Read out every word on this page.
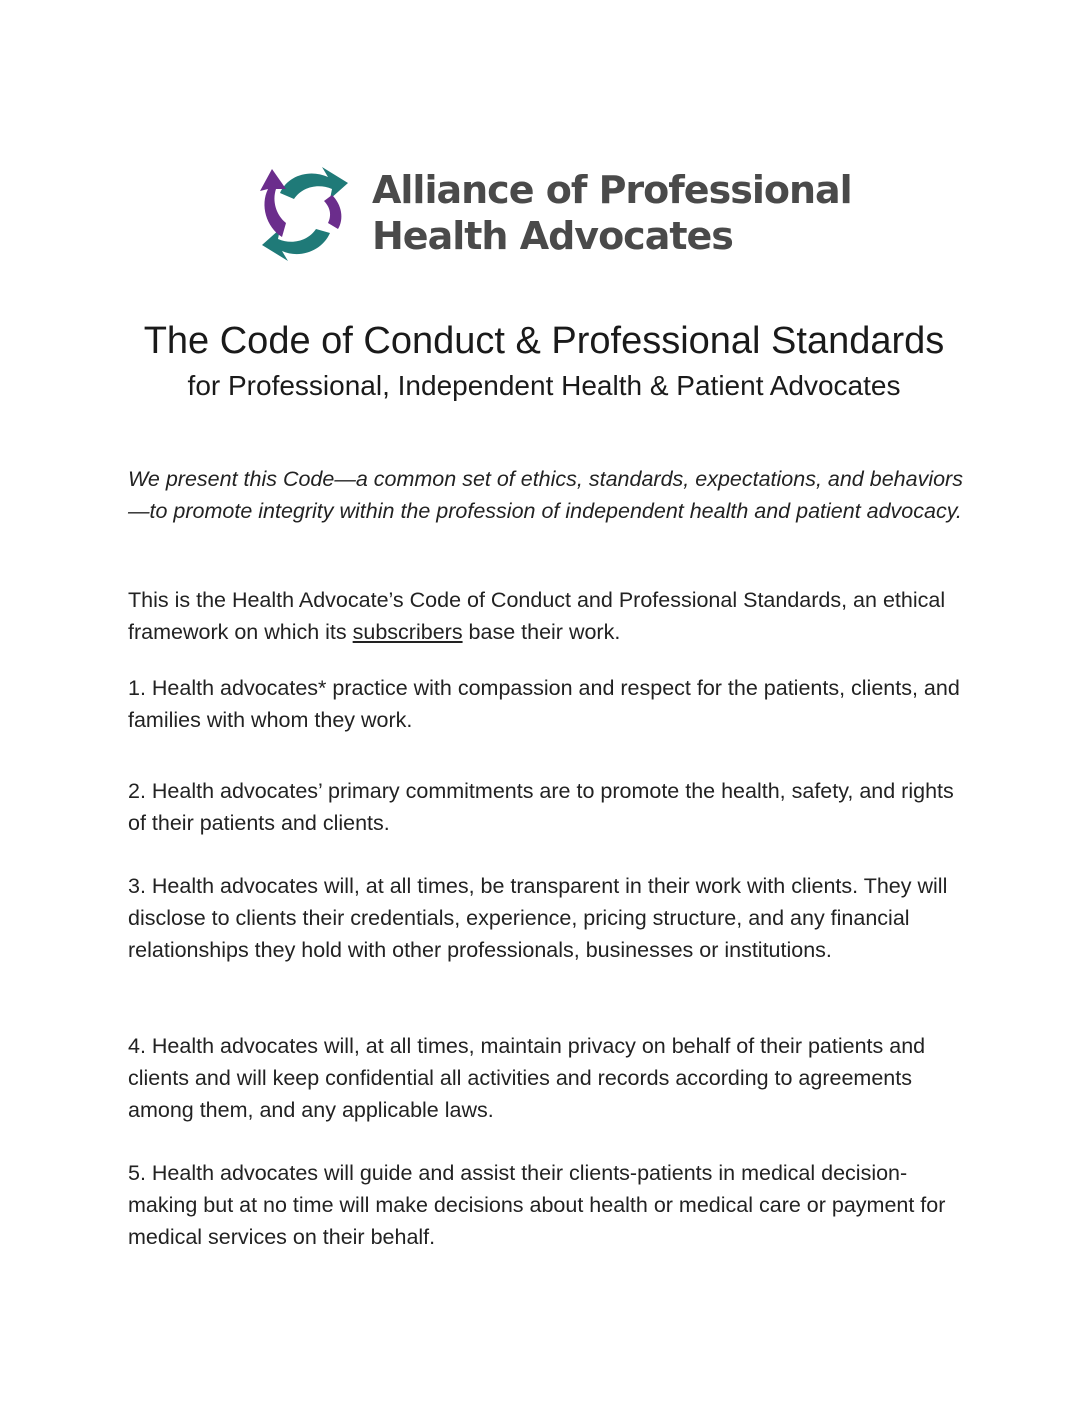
Alliance of Professional
Health Advocates
The Code of Conduct & Professional Standards

for Professional, Independent Health & Patient Advocates

We present this Code—a common set of ethics, standards, expectations, and behaviors—to promote integrity within the profession of independent health and patient advocacy.

This is the Health Advocate’s Code of Conduct and Professional Standards, an ethical framework on which its subscribers base their work.

1. Health advocates* practice with compassion and respect for the patients, clients, and families with whom they work.

2. Health advocates’ primary commitments are to promote the health, safety, and rights of their patients and clients.

3. Health advocates will, at all times, be transparent in their work with clients. They will disclose to clients their credentials, experience, pricing structure, and any financial relationships they hold with other professionals, businesses or institutions.

4. Health advocates will, at all times, maintain privacy on behalf of their patients and clients and will keep confidential all activities and records according to agreements among them, and any applicable laws.

5. Health advocates will guide and assist their clients-patients in medical decision-making but at no time will make decisions about health or medical care or payment for medical services on their behalf.
